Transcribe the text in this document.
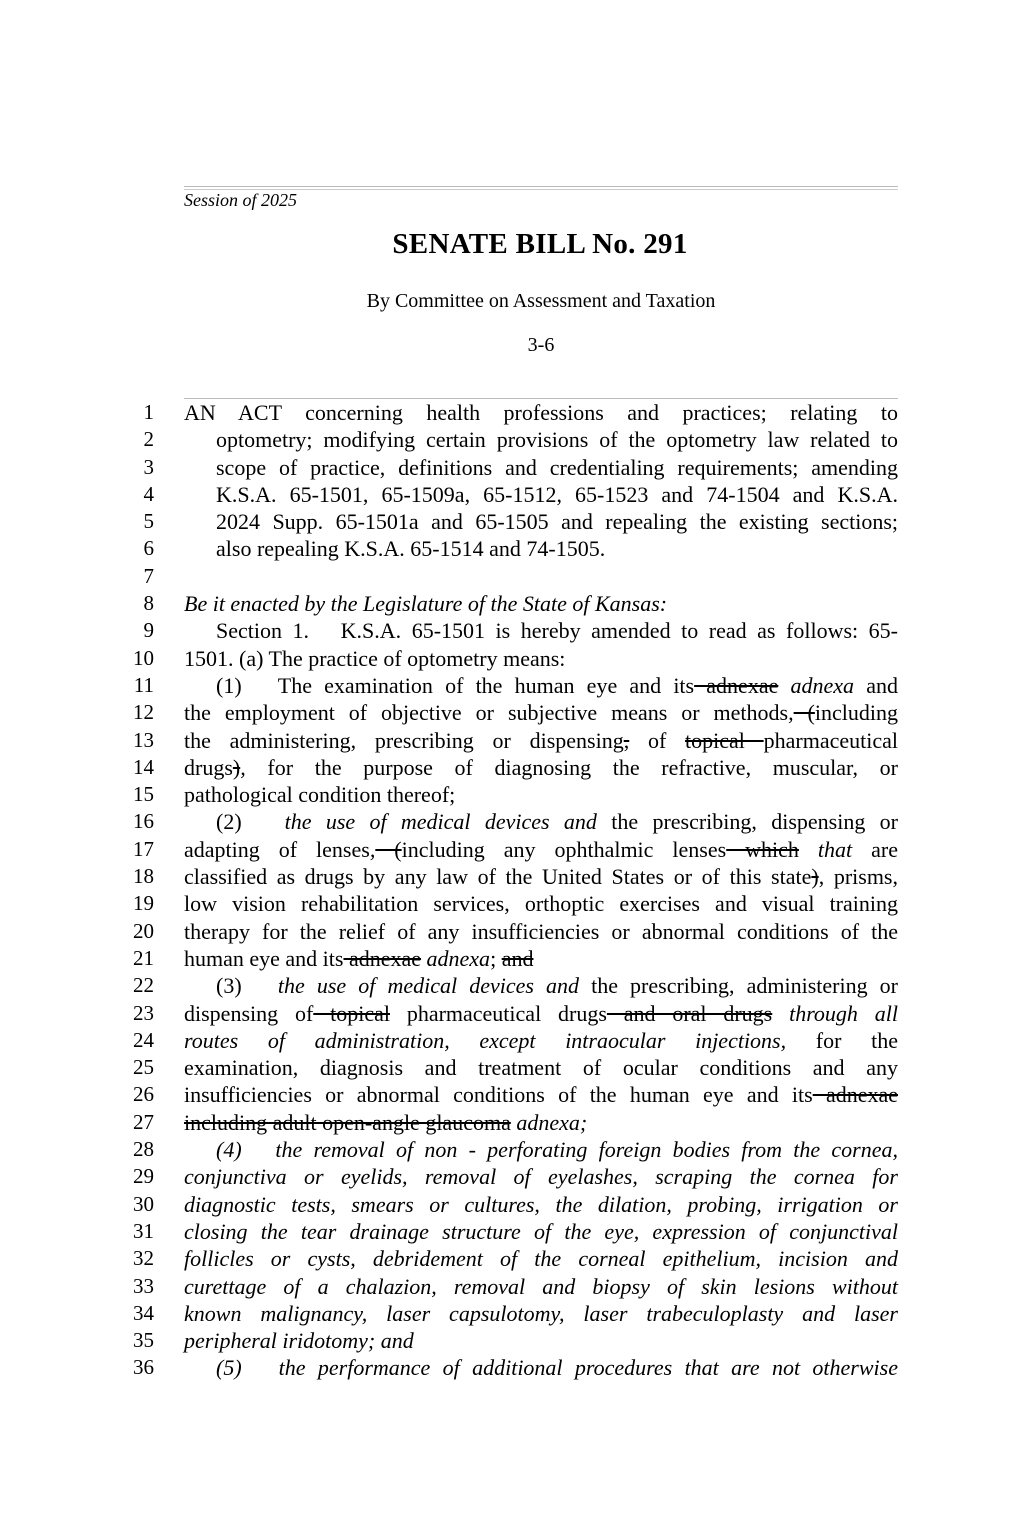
Session of 2025
SENATE BILL No. 291
By Committee on Assessment and Taxation
3-6
1 AN ACT concerning health professions and practices; relating to
2	optometry; modifying certain provisions of the optometry law related to
3	scope of practice, definitions and credentialing requirements; amending
4	K.S.A. 65-1501, 65-1509a, 65-1512, 65-1523 and 74-1504 and K.S.A.
5	2024 Supp. 65-1501a and 65-1505 and repealing the existing sections;
6	also repealing K.S.A. 65-1514 and 74-1505.
7
8 Be it enacted by the Legislature of the State of Kansas:
9	Section 1.   K.S.A. 65-1501 is hereby amended to read as follows: 65-
10 1501. (a) The practice of optometry means:
11	(1)   The examination of the human eye and its adnexae adnexa and
12 the employment of objective or subjective means or methods, (including
13 the administering, prescribing or dispensing, of topical pharmaceutical
14 drugs), for the purpose of diagnosing the refractive, muscular, or
15 pathological condition thereof;
16	(2)   the use of medical devices and the prescribing, dispensing or
17 adapting of lenses, (including any ophthalmic lenses which that are
18 classified as drugs by any law of the United States or of this state), prisms,
19 low vision rehabilitation services, orthoptic exercises and visual training
20 therapy for the relief of any insufficiencies or abnormal conditions of the
21 human eye and its adnexae adnexa; and
22	(3)   the use of medical devices and the prescribing, administering or
23 dispensing of topical pharmaceutical drugs and oral drugs through all
24 routes of administration, except intraocular injections, for the
25 examination, diagnosis and treatment of ocular conditions and any
26 insufficiencies or abnormal conditions of the human eye and its adnexae
27 including adult open-angle glaucoma adnexa;
28	(4)   the removal of non - perforating foreign bodies from the cornea,
29 conjunctiva or eyelids, removal of eyelashes, scraping the cornea for
30 diagnostic tests, smears or cultures, the dilation, probing, irrigation or
31 closing the tear drainage structure of the eye, expression of conjunctival
32 follicles or cysts, debridement of the corneal epithelium, incision and
33 curettage of a chalazion, removal and biopsy of skin lesions without
34 known malignancy, laser capsulotomy, laser trabeculoplasty and laser
35 peripheral iridotomy; and
36	(5)   the performance of additional procedures that are not otherwise
